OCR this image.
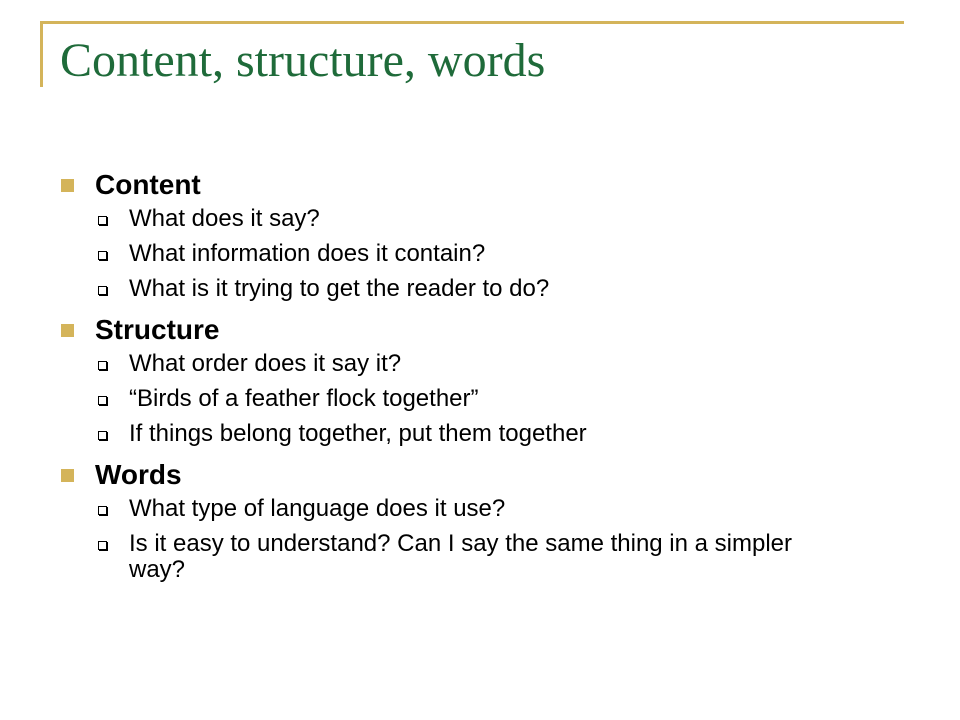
Content, structure, words
Content
What does it say?
What information does it contain?
What is it trying to get the reader to do?
Structure
What order does it say it?
“Birds of a feather flock together”
If things belong together, put them together
Words
What type of language does it use?
Is it easy to understand? Can I say the same thing in a simpler way?
